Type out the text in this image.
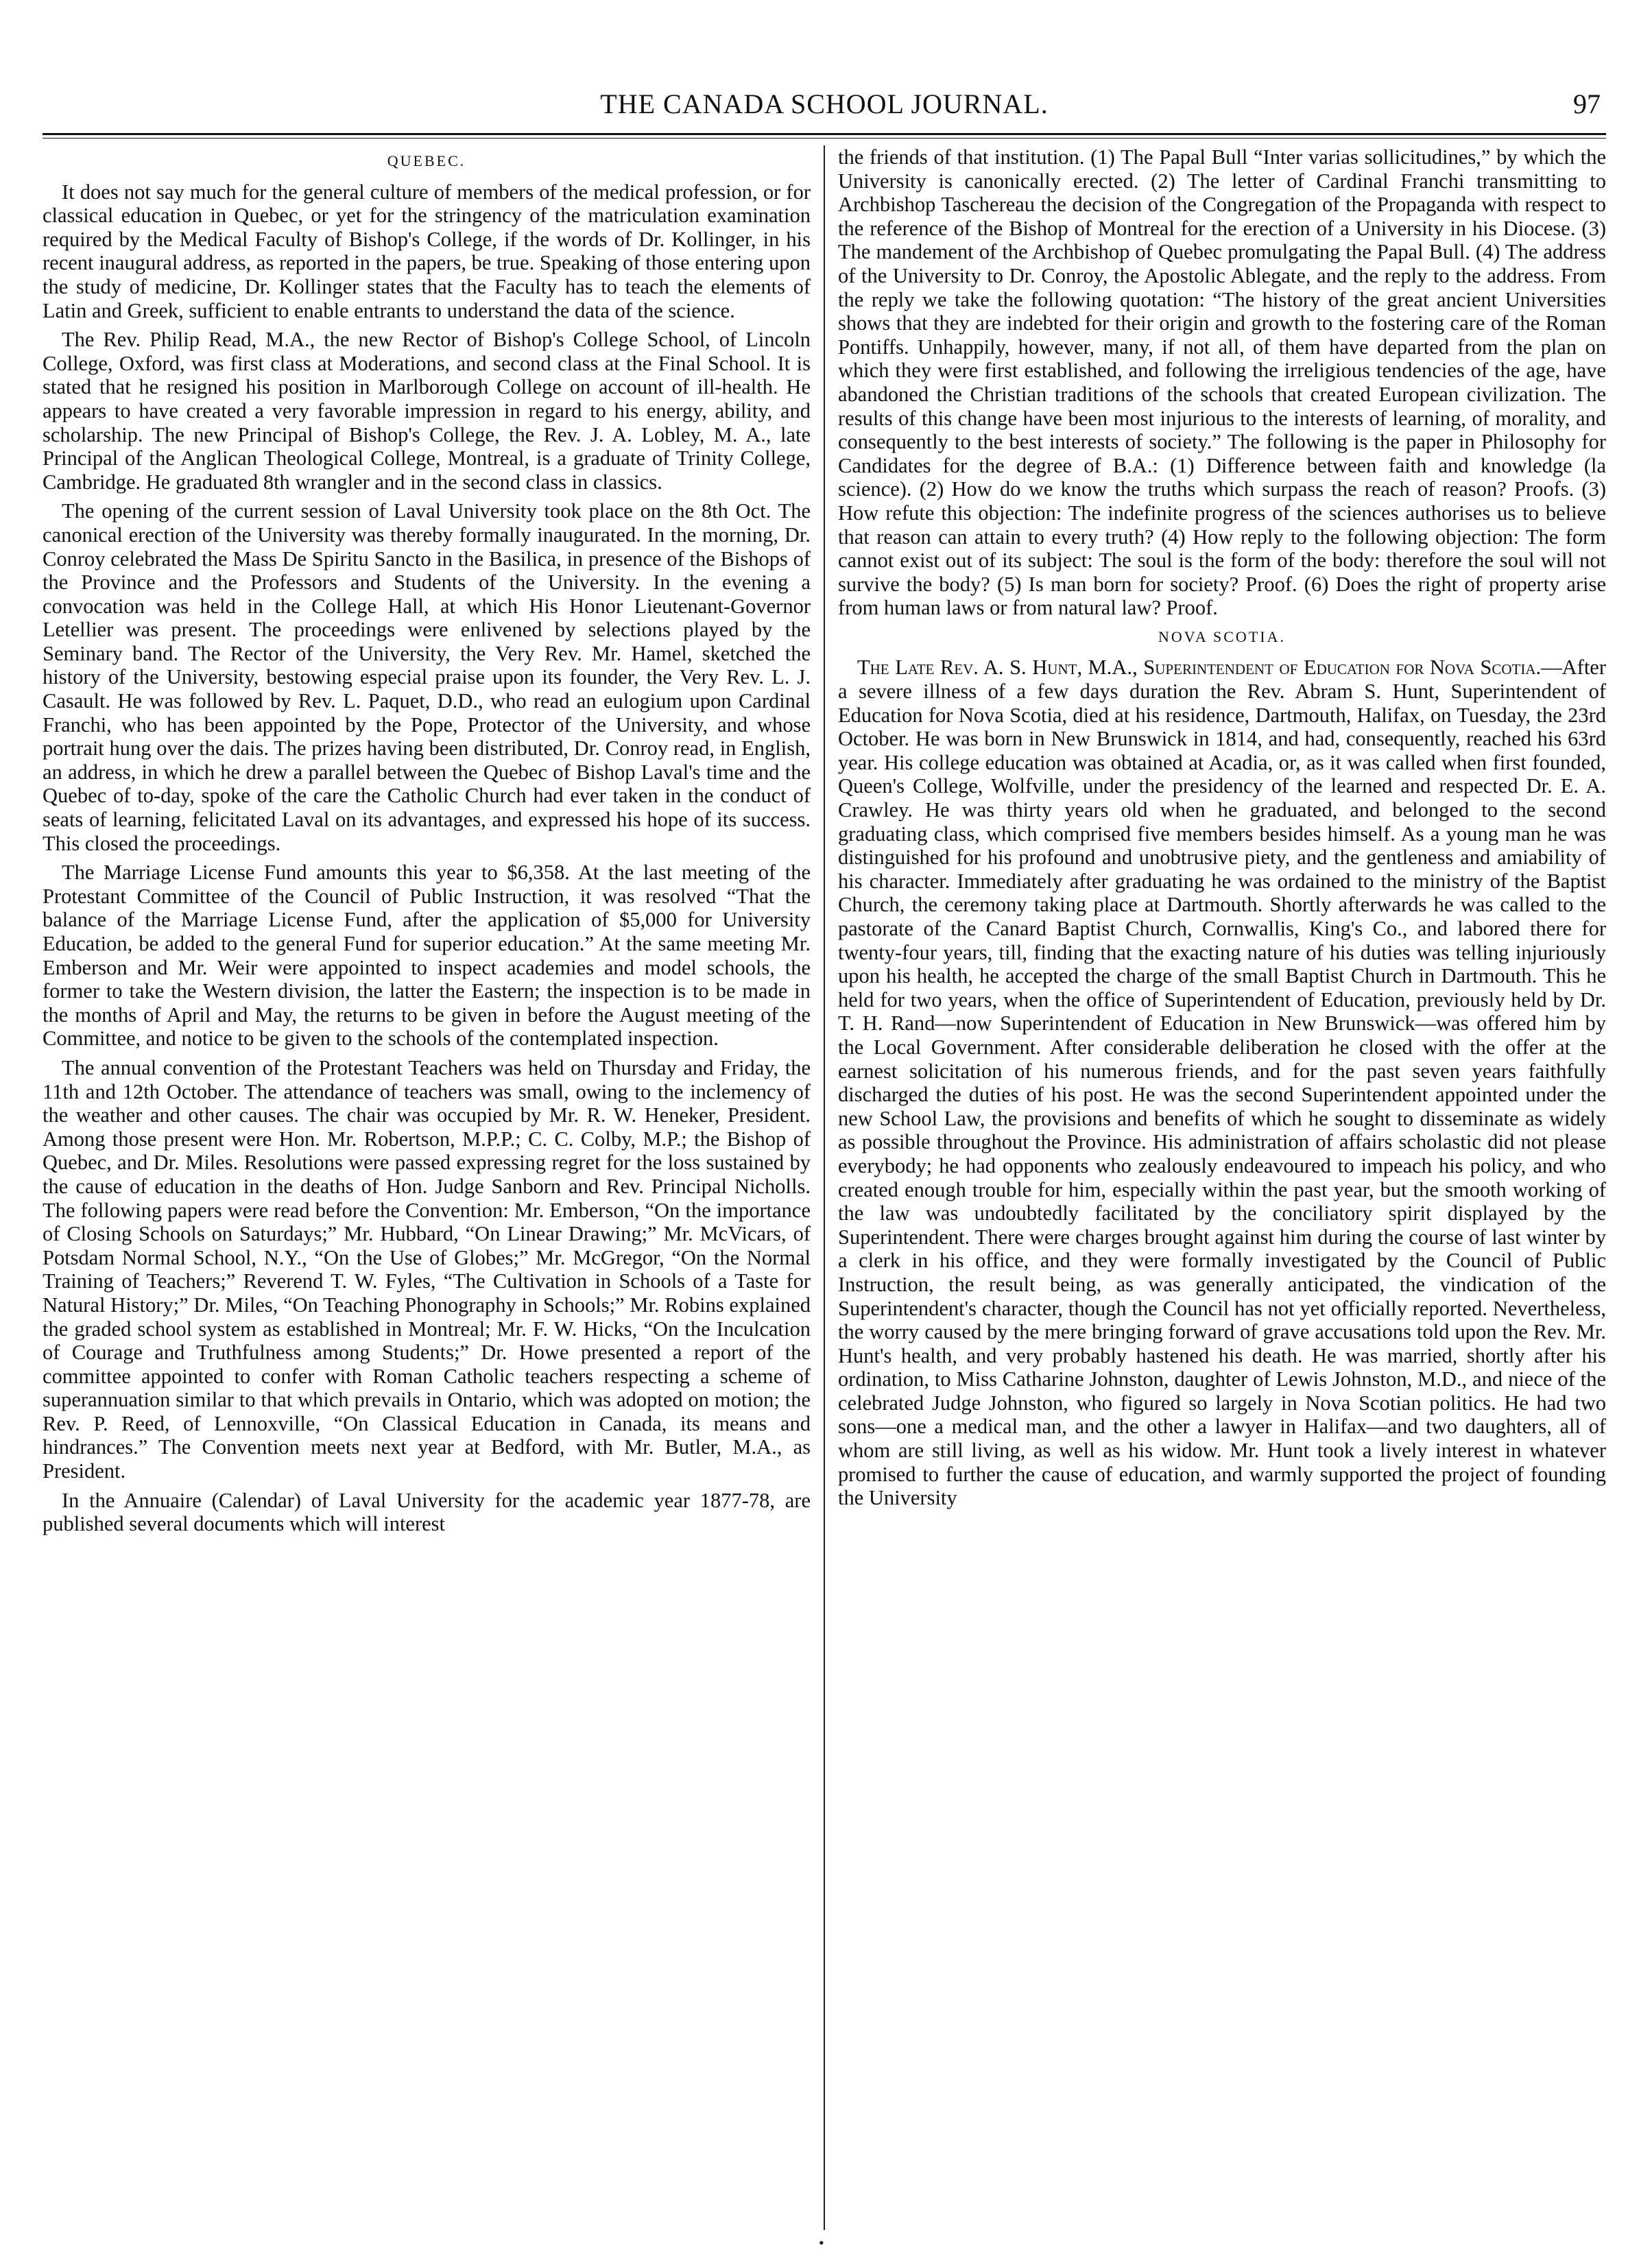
THE CANADA SCHOOL JOURNAL.	97
QUEBEC.

It does not say much for the general culture of members of the medical profession, or for classical education in Quebec, or yet for the stringency of the matriculation examination required by the Medical Faculty of Bishop's College, if the words of Dr. Kollinger, in his recent inaugural address, as reported in the papers, be true. Speaking of those entering upon the study of medicine, Dr. Kollinger states that the Faculty has to teach the elements of Latin and Greek, sufficient to enable entrants to understand the data of the science.

The Rev. Philip Read, M.A., the new Rector of Bishop's College School, of Lincoln College, Oxford, was first class at Moderations, and second class at the Final School. It is stated that he resigned his position in Marlborough College on account of ill-health. He appears to have created a very favorable impression in regard to his energy, ability, and scholarship. The new Principal of Bishop's College, the Rev. J. A. Lobley, M. A., late Principal of the Anglican Theological College, Montreal, is a graduate of Trinity College, Cambridge. He graduated 8th wrangler and in the second class in classics.

The opening of the current session of Laval University took place on the 8th Oct. The canonical erection of the University was thereby formally inaugurated. In the morning, Dr. Conroy celebrated the Mass De Spiritu Sancto in the Basilica, in presence of the Bishops of the Province and the Professors and Students of the University. In the evening a convocation was held in the College Hall, at which His Honor Lieutenant-Governor Letellier was present. The proceedings were enlivened by selections played by the Seminary band. The Rector of the University, the Very Rev. Mr. Hamel, sketched the history of the University, bestowing especial praise upon its founder, the Very Rev. L. J. Casault. He was followed by Rev. L. Paquet, D.D., who read an eulogium upon Cardinal Franchi, who has been appointed by the Pope, Protector of the University, and whose portrait hung over the dais. The prizes having been distributed, Dr. Conroy read, in English, an address, in which he drew a parallel between the Quebec of Bishop Laval's time and the Quebec of to-day, spoke of the care the Catholic Church had ever taken in the conduct of seats of learning, felicitated Laval on its advantages, and expressed his hope of its success. This closed the proceedings.

The Marriage License Fund amounts this year to $6,358. At the last meeting of the Protestant Committee of the Council of Public Instruction, it was resolved “That the balance of the Marriage License Fund, after the application of $5,000 for University Education, be added to the general Fund for superior education.” At the same meeting Mr. Emberson and Mr. Weir were appointed to inspect academies and model schools, the former to take the Western division, the latter the Eastern; the inspection is to be made in the months of April and May, the returns to be given in before the August meeting of the Committee, and notice to be given to the schools of the contemplated inspection.

The annual convention of the Protestant Teachers was held on Thursday and Friday, the 11th and 12th October. The attendance of teachers was small, owing to the inclemency of the weather and other causes. The chair was occupied by Mr. R. W. Heneker, President. Among those present were Hon. Mr. Robertson, M.P.P.; C. C. Colby, M.P.; the Bishop of Quebec, and Dr. Miles. Resolutions were passed expressing regret for the loss sustained by the cause of education in the deaths of Hon. Judge Sanborn and Rev. Principal Nicholls. The following papers were read before the Convention: Mr. Emberson, “On the importance of Closing Schools on Saturdays;” Mr. Hubbard, “On Linear Drawing;” Mr. McVicars, of Potsdam Normal School, N.Y., “On the Use of Globes;” Mr. McGregor, “On the Normal Training of Teachers;” Reverend T. W. Fyles, “The Cultivation in Schools of a Taste for Natural History;” Dr. Miles, “On Teaching Phonography in Schools;” Mr. Robins explained the graded school system as established in Montreal; Mr. F. W. Hicks, “On the Inculcation of Courage and Truthfulness among Students;” Dr. Howe presented a report of the committee appointed to confer with Roman Catholic teachers respecting a scheme of superannuation similar to that which prevails in Ontario, which was adopted on motion; the Rev. P. Reed, of Lennoxville, “On Classical Education in Canada, its means and hindrances.” The Convention meets next year at Bedford, with Mr. Butler, M.A., as President.

In the Annuaire (Calendar) of Laval University for the academic year 1877-78, are published several documents which will interest

the friends of that institution. (1) The Papal Bull “Inter varias sollicitudines,” by which the University is canonically erected. (2) The letter of Cardinal Franchi transmitting to Archbishop Taschereau the decision of the Congregation of the Propaganda with respect to the reference of the Bishop of Montreal for the erection of a University in his Diocese. (3) The mandement of the Archbishop of Quebec promulgating the Papal Bull. (4) The address of the University to Dr. Conroy, the Apostolic Ablegate, and the reply to the address. From the reply we take the following quotation: “The history of the great ancient Universities shows that they are indebted for their origin and growth to the fostering care of the Roman Pontiffs. Unhappily, however, many, if not all, of them have departed from the plan on which they were first established, and following the irreligious tendencies of the age, have abandoned the Christian traditions of the schools that created European civilization. The results of this change have been most injurious to the interests of learning, of morality, and consequently to the best interests of society.” The following is the paper in Philosophy for Candidates for the degree of B.A.: (1) Difference between faith and knowledge (la science). (2) How do we know the truths which surpass the reach of reason? Proofs. (3) How refute this objection: The indefinite progress of the sciences authorises us to believe that reason can attain to every truth? (4) How reply to the following objection: The form cannot exist out of its subject: The soul is the form of the body: therefore the soul will not survive the body? (5) Is man born for society? Proof. (6) Does the right of property arise from human laws or from natural law? Proof.

NOVA SCOTIA.

The Late Rev. A. S. Hunt, M.A., Superintendent of Education for Nova Scotia.—After a severe illness of a few days duration the Rev. Abram S. Hunt, Superintendent of Education for Nova Scotia, died at his residence, Dartmouth, Halifax, on Tuesday, the 23rd October. He was born in New Brunswick in 1814, and had, consequently, reached his 63rd year. His college education was obtained at Acadia, or, as it was called when first founded, Queen's College, Wolfville, under the presidency of the learned and respected Dr. E. A. Crawley. He was thirty years old when he graduated, and belonged to the second graduating class, which comprised five members besides himself. As a young man he was distinguished for his profound and unobtrusive piety, and the gentleness and amiability of his character. Immediately after graduating he was ordained to the ministry of the Baptist Church, the ceremony taking place at Dartmouth. Shortly afterwards he was called to the pastorate of the Canard Baptist Church, Cornwallis, King's Co., and labored there for twenty-four years, till, finding that the exacting nature of his duties was telling injuriously upon his health, he accepted the charge of the small Baptist Church in Dartmouth. This he held for two years, when the office of Superintendent of Education, previously held by Dr. T. H. Rand—now Superintendent of Education in New Brunswick—was offered him by the Local Government. After considerable deliberation he closed with the offer at the earnest solicitation of his numerous friends, and for the past seven years faithfully discharged the duties of his post. He was the second Superintendent appointed under the new School Law, the provisions and benefits of which he sought to disseminate as widely as possible throughout the Province. His administration of affairs scholastic did not please everybody; he had opponents who zealously endeavoured to impeach his policy, and who created enough trouble for him, especially within the past year, but the smooth working of the law was undoubtedly facilitated by the conciliatory spirit displayed by the Superintendent. There were charges brought against him during the course of last winter by a clerk in his office, and they were formally investigated by the Council of Public Instruction, the result being, as was generally anticipated, the vindication of the Superintendent's character, though the Council has not yet officially reported. Nevertheless, the worry caused by the mere bringing forward of grave accusations told upon the Rev. Mr. Hunt's health, and very probably hastened his death. He was married, shortly after his ordination, to Miss Catharine Johnston, daughter of Lewis Johnston, M.D., and niece of the celebrated Judge Johnston, who figured so largely in Nova Scotian politics. He had two sons—one a medical man, and the other a lawyer in Halifax—and two daughters, all of whom are still living, as well as his widow. Mr. Hunt took a lively interest in whatever promised to further the cause of education, and warmly supported the project of founding the University

•
